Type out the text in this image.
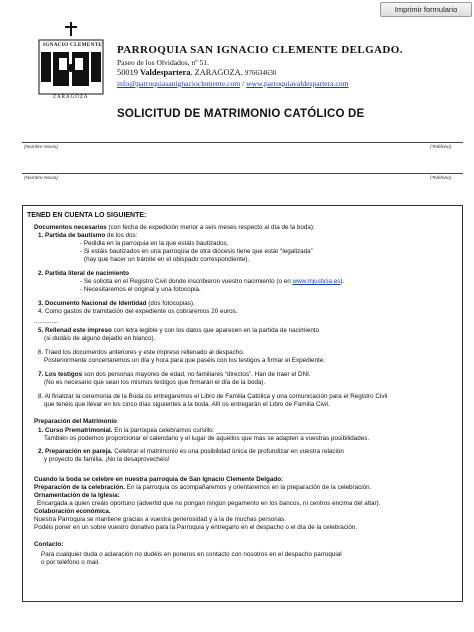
Imprimir formulario
IGNACIO CLEMENTE
ZARAGOZA
PARROQUIA SAN IGNACIO CLEMENTE DELGADO.
Paseo de los Olvidados, nº 51.
50019 Valdespartera. ZARAGOZA. 976634630
info@parroquiasanignacioclemente.com / www.parroquiavaldespartera.com
SOLICITUD DE MATRIMONIO CATÓLICO DE
(Nombre Novio)	(Teléfono)
(Nombre Novia)	(Teléfono)
TENED EN CUENTA LO SIGUIENTE:
Documentos necesarios (con fecha de expedición menor a seis meses respecto al día de la boda):
1. Partida de bautismo de los dos:
- Pedidla en la parroquia en la que estáis bautizados.
- Si estáis bautizados en una parroquia de otra diócesis tiene que estar “legalizada”
(hay que hacer un trámite en el obispado correspondiente).
2. Partida literal de nacimiento
- Se solicita en el Registro Civil donde inscribieron vuestro nacimiento (o en www.mjusticia.es).
- Necesitaremos el original y una fotocopia.
3. Documento Nacional de Identidad (dos fotocopias).
4. Como gastos de tramitación del expediente os cobraremos 20 euros.
..............
5. Rellenad este impreso con letra legible y con los datos que aparecen en la partida de nacimiento
(si dudáis de alguno dejadlo en blanco).
6. Traed los documentos anteriores y este impreso rellenado al despacho.
Posteriormente concertaremos un día y hora para que paséis con los testigos a firmar el Expediente.
7. Los testigos son dos personas mayores de edad, no familiares “directos”. Han de traer el DNI.
(No es necesario que sean los mismos testigos que firmarán el día de la boda).
8. Al finalizar la ceremonia de la Boda os entregaremos el Libro de Familia Católica y una comunicación para el Registro Civil
que tenéis que llevar en los cinco días siguientes a la boda. Allí os entregarán el Libro de Familia Civil.
Preparación del Matrimonio
1. Curso Prematrimonial. En la parroquia celebramos cursillo: ______________________________
También os podemos proporcionar el calendario y el lugar de aquellos que más se adapten a vuestras posibilidades.
2. Preparación en pareja. Celebrar el matrimonio es una posibilidad única de profundizar en vuestra relación
y proyecto de familia. ¡No la desaprovechéis!
Cuando la boda se celebre en nuestra parroquia de San Ignacio Clemente Delgado:
Preparación de la celebración. En la parroquia os acompañaremos y orientaremos en la preparación de la celebración.
Ornamentación de la Iglesia:
Encargada a quien creáis oportuno (advertid que no pongan ningún pegamento en los bancos, ni centros encima del altar).
Colaboración económica.
Nuestra Parroquia se mantiene gracias a vuestra generosidad y a la de muchas personas.
Podéis poner en un sobre vuestro donativo para la Parroquia y entregarlo en el despacho o el día de la celebración.
Contacto:
Para cualquier duda o aclaración no dudéis en poneros en contacto con nosotros en el despacho parroquial
o por teléfono o mail.
